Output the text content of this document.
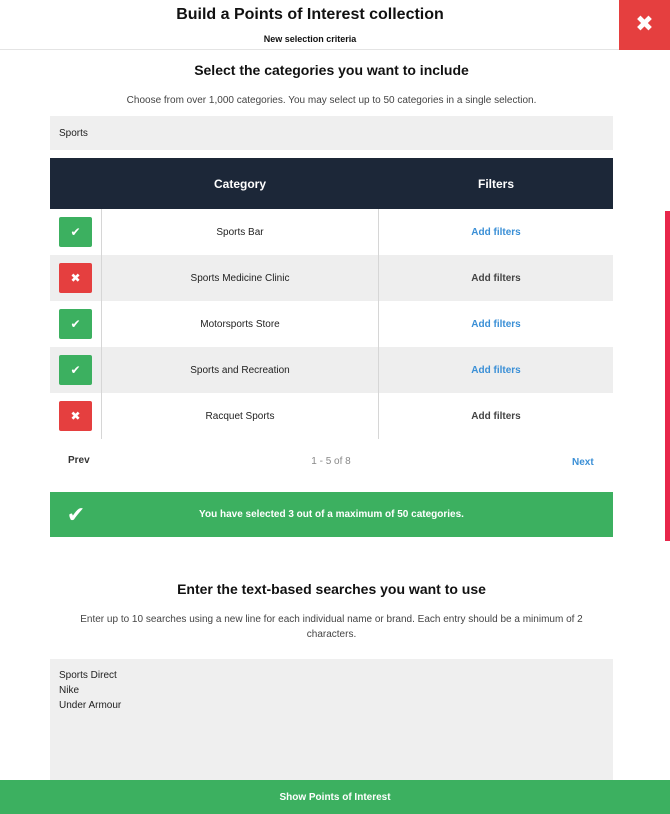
Build a Points of Interest collection
New selection criteria
✖
Select the categories you want to include
Choose from over 1,000 categories. You may select up to 50 categories in a single selection.
Sports
Category	Filters
✔	Sports Bar	Add filters
✖	Sports Medicine Clinic	Add filters
✔	Motorsports Store	Add filters
✔	Sports and Recreation	Add filters
✖	Racquet Sports	Add filters
Prev	1 - 5 of 8	Next
✔	You have selected 3 out of a maximum of 50 categories.
Enter the text-based searches you want to use
Enter up to 10 searches using a new line for each individual name or brand. Each entry should be a minimum of 2 characters.
Sports Direct Nike Under Armour
Show Points of Interest
